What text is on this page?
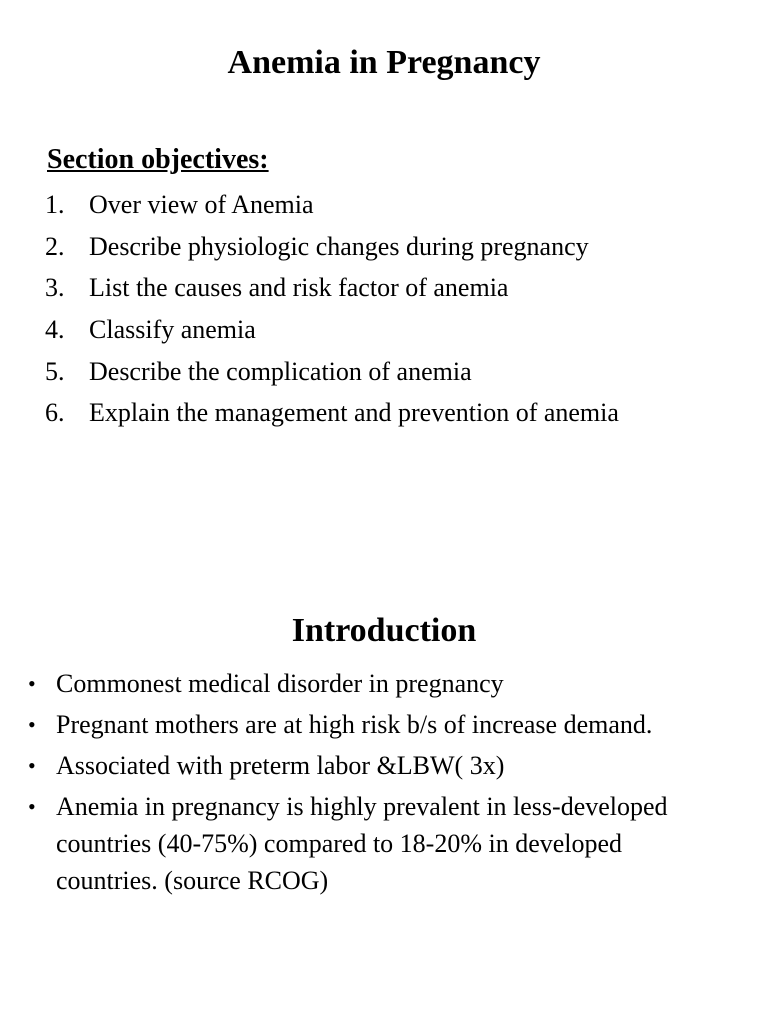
Anemia in Pregnancy
Section objectives:
1. Over view of Anemia
2. Describe physiologic changes during pregnancy
3. List the causes and risk factor of anemia
4. Classify anemia
5. Describe the complication of anemia
6. Explain the management and prevention of anemia
Introduction
• Commonest medical disorder in pregnancy
• Pregnant mothers are at high risk b/s of increase demand.
• Associated with preterm labor &LBW( 3x)
• Anemia in pregnancy is highly prevalent in less-developed countries (40-75%) compared to 18-20% in developed countries. (source RCOG)
